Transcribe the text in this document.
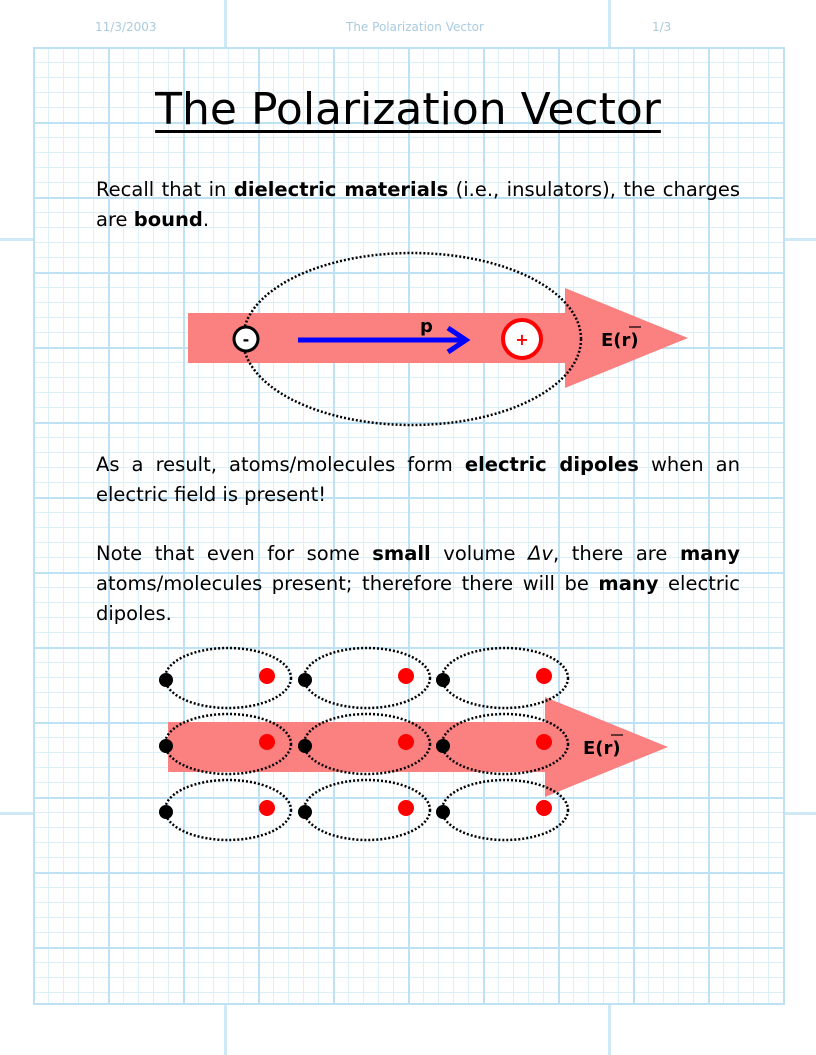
11/3/2003	The Polarization Vector	1/3
The Polarization Vector
Recall that in dielectric materials (i.e., insulators), the charges are bound.
p
-	+	E(r)
As a result, atoms/molecules form electric dipoles when an electric field is present!
Note that even for some small volume Δv, there are many atoms/molecules present; therefore there will be many electric dipoles.
E(r)
